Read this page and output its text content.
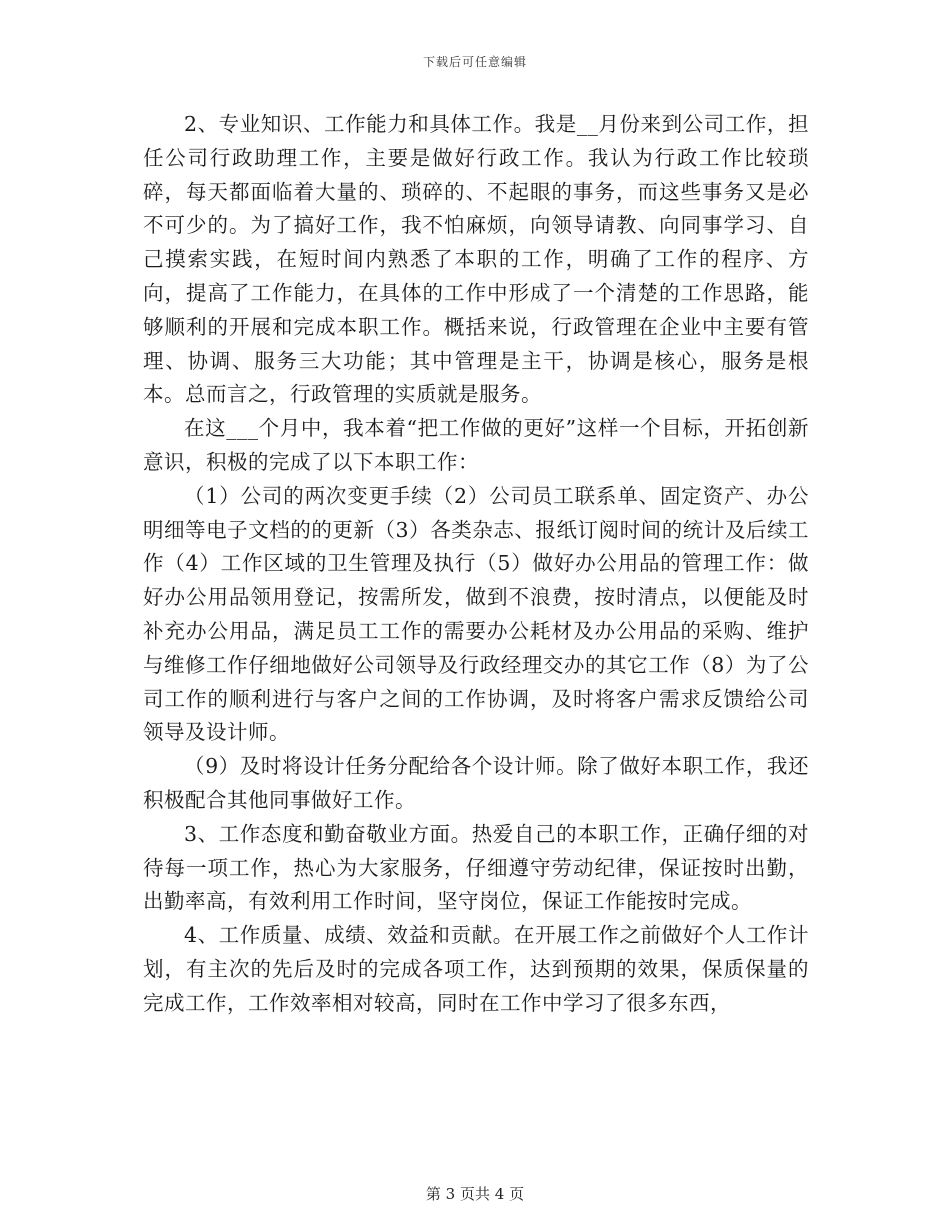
下载后可任意编辑

2、专业知识、工作能力和具体工作。我是__月份来到公司工作，担任公司行政助理工作，主要是做好行政工作。我认为行政工作比较琐碎，每天都面临着大量的、琐碎的、不起眼的事务，而这些事务又是必不可少的。为了搞好工作，我不怕麻烦，向领导请教、向同事学习、自己摸索实践，在短时间内熟悉了本职的工作，明确了工作的程序、方向，提高了工作能力，在具体的工作中形成了一个清楚的工作思路，能够顺利的开展和完成本职工作。概括来说，行政管理在企业中主要有管理、协调、服务三大功能；其中管理是主干，协调是核心，服务是根本。总而言之，行政管理的实质就是服务。

在这___个月中，我本着“把工作做的更好”这样一个目标，开拓创新意识，积极的完成了以下本职工作：

（1）公司的两次变更手续（2）公司员工联系单、固定资产、办公明细等电子文档的的更新（3）各类杂志、报纸订阅时间的统计及后续工作（4）工作区域的卫生管理及执行（5）做好办公用品的管理工作：做好办公用品领用登记，按需所发，做到不浪费，按时清点，以便能及时补充办公用品，满足员工工作的需要办公耗材及办公用品的采购、维护与维修工作仔细地做好公司领导及行政经理交办的其它工作（8）为了公司工作的顺利进行与客户之间的工作协调，及时将客户需求反馈给公司领导及设计师。

（9）及时将设计任务分配给各个设计师。除了做好本职工作，我还积极配合其他同事做好工作。

3、工作态度和勤奋敬业方面。热爱自己的本职工作，正确仔细的对待每一项工作，热心为大家服务，仔细遵守劳动纪律，保证按时出勤，出勤率高，有效利用工作时间，坚守岗位，保证工作能按时完成。

4、工作质量、成绩、效益和贡献。在开展工作之前做好个人工作计划，有主次的先后及时的完成各项工作，达到预期的效果，保质保量的完成工作，工作效率相对较高，同时在工作中学习了很多东西，

第 3 页共 4 页
